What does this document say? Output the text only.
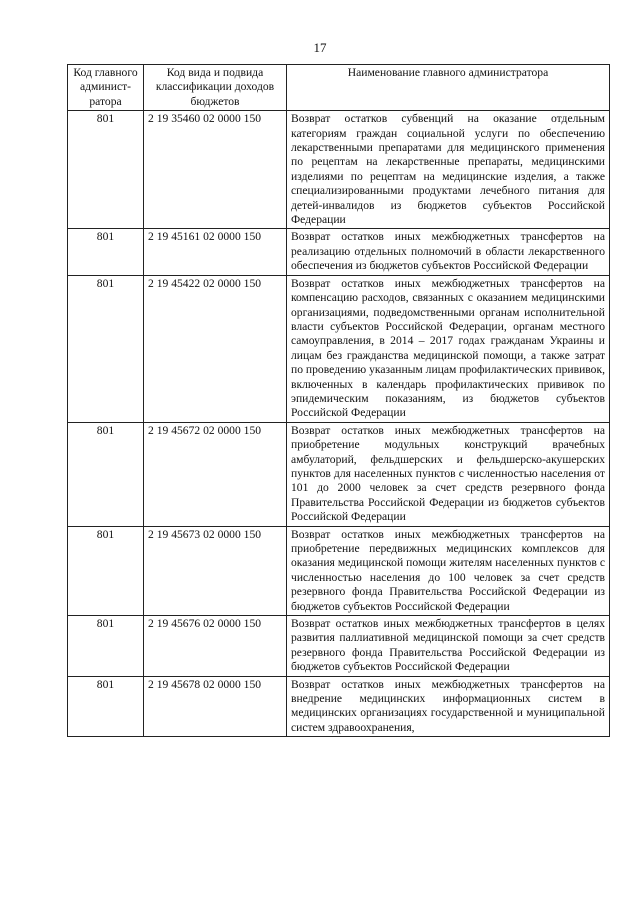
17
Код главного админист-ратора	Код вида и подвида классификации доходов бюджетов	Наименование главного администратора
801	2 19 35460 02 0000 150	Возврат остатков субвенций на оказание отдельным категориям граждан социальной услуги по обеспечению лекарственными препаратами для медицинского применения по рецептам на лекарственные препараты, медицинскими изделиями по рецептам на медицинские изделия, а также специализированными продуктами лечебного питания для детей-инвалидов из бюджетов субъектов Российской Федерации
801	2 19 45161 02 0000 150	Возврат остатков иных межбюджетных трансфертов на реализацию отдельных полномочий в области лекарственного обеспечения из бюджетов субъектов Российской Федерации
801	2 19 45422 02 0000 150	Возврат остатков иных межбюджетных трансфертов на компенсацию расходов, связанных с оказанием медицинскими организациями, подведомственными органам исполнительной власти субъектов Российской Федерации, органам местного самоуправления, в 2014 – 2017 годах гражданам Украины и лицам без гражданства медицинской помощи, а также затрат по проведению указанным лицам профилактических прививок, включенных в календарь профилактических прививок по эпидемическим показаниям, из бюджетов субъектов Российской Федерации
801	2 19 45672 02 0000 150	Возврат остатков иных межбюджетных трансфертов на приобретение модульных конструкций врачебных амбулаторий, фельдшерских и фельдшерско-акушерских пунктов для населенных пунктов с численностью населения от 101 до 2000 человек за счет средств резервного фонда Правительства Российской Федерации из бюджетов субъектов Российской Федерации
801	2 19 45673 02 0000 150	Возврат остатков иных межбюджетных трансфертов на приобретение передвижных медицинских комплексов для оказания медицинской помощи жителям населенных пунктов с численностью населения до 100 человек за счет средств резервного фонда Правительства Российской Федерации из бюджетов субъектов Российской Федерации
801	2 19 45676 02 0000 150	Возврат остатков иных межбюджетных трансфертов в целях развития паллиативной медицинской помощи за счет средств резервного фонда Правительства Российской Федерации из бюджетов субъектов Российской Федерации
801	2 19 45678 02 0000 150	Возврат остатков иных межбюджетных трансфертов на внедрение медицинских информационных систем в медицинских организациях государственной и муниципальной систем здравоохранения,
